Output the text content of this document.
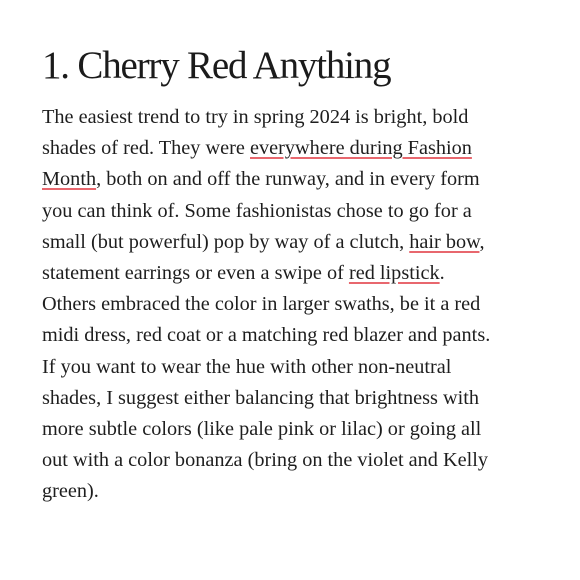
1. Cherry Red Anything

The easiest trend to try in spring 2024 is bright, bold
shades of red. They were everywhere during Fashion
Month, both on and off the runway, and in every form
you can think of. Some fashionistas chose to go for a
small (but powerful) pop by way of a clutch, hair bow,
statement earrings or even a swipe of red lipstick.
Others embraced the color in larger swaths, be it a red
midi dress, red coat or a matching red blazer and pants.
If you want to wear the hue with other non-neutral
shades, I suggest either balancing that brightness with
more subtle colors (like pale pink or lilac) or going all
out with a color bonanza (bring on the violet and Kelly
green).
